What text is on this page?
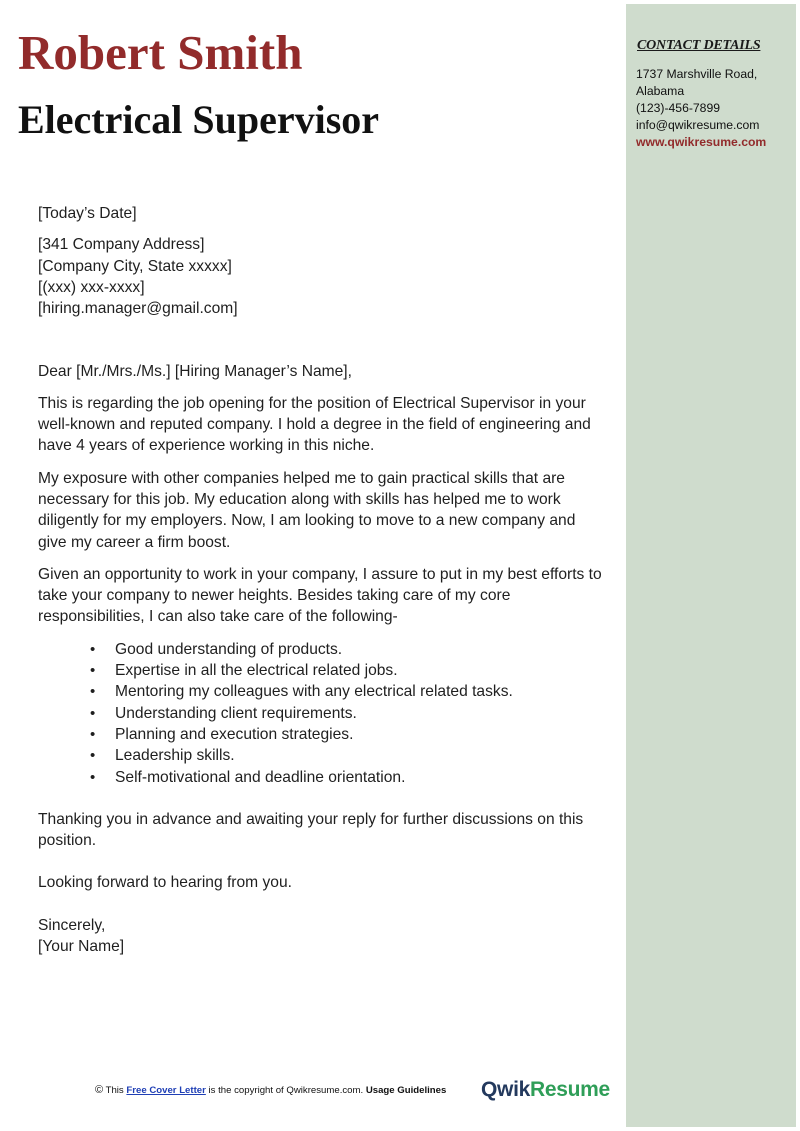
Robert Smith
Electrical Supervisor
CONTACT DETAILS
1737 Marshville Road,
Alabama
(123)-456-7899
info@qwikresume.com
www.qwikresume.com

[Today’s Date]

[341 Company Address]

[Company City, State xxxxx]

[(xxx) xxx-xxxx]

[hiring.manager@gmail.com]

Dear [Mr./Mrs./Ms.] [Hiring Manager’s Name],

This is regarding the job opening for the position of Electrical Supervisor in your well-known and reputed company. I hold a degree in the field of engineering and have 4 years of experience working in this niche.

My exposure with other companies helped me to gain practical skills that are necessary for this job. My education along with skills has helped me to work diligently for my employers. Now, I am looking to move to a new company and give my career a firm boost.

Given an opportunity to work in your company, I assure to put in my best efforts to take your company to newer heights. Besides taking care of my core responsibilities, I can also take care of the following-

• Good understanding of products.
• Expertise in all the electrical related jobs.
• Mentoring my colleagues with any electrical related tasks.
• Understanding client requirements.
• Planning and execution strategies.
• Leadership skills.
• Self-motivational and deadline orientation.

Thanking you in advance and awaiting your reply for further discussions on this position.

Looking forward to hearing from you.

Sincerely,

[Your Name]

© This Free Cover Letter is the copyright of Qwikresume.com. Usage Guidelines QwikResume
